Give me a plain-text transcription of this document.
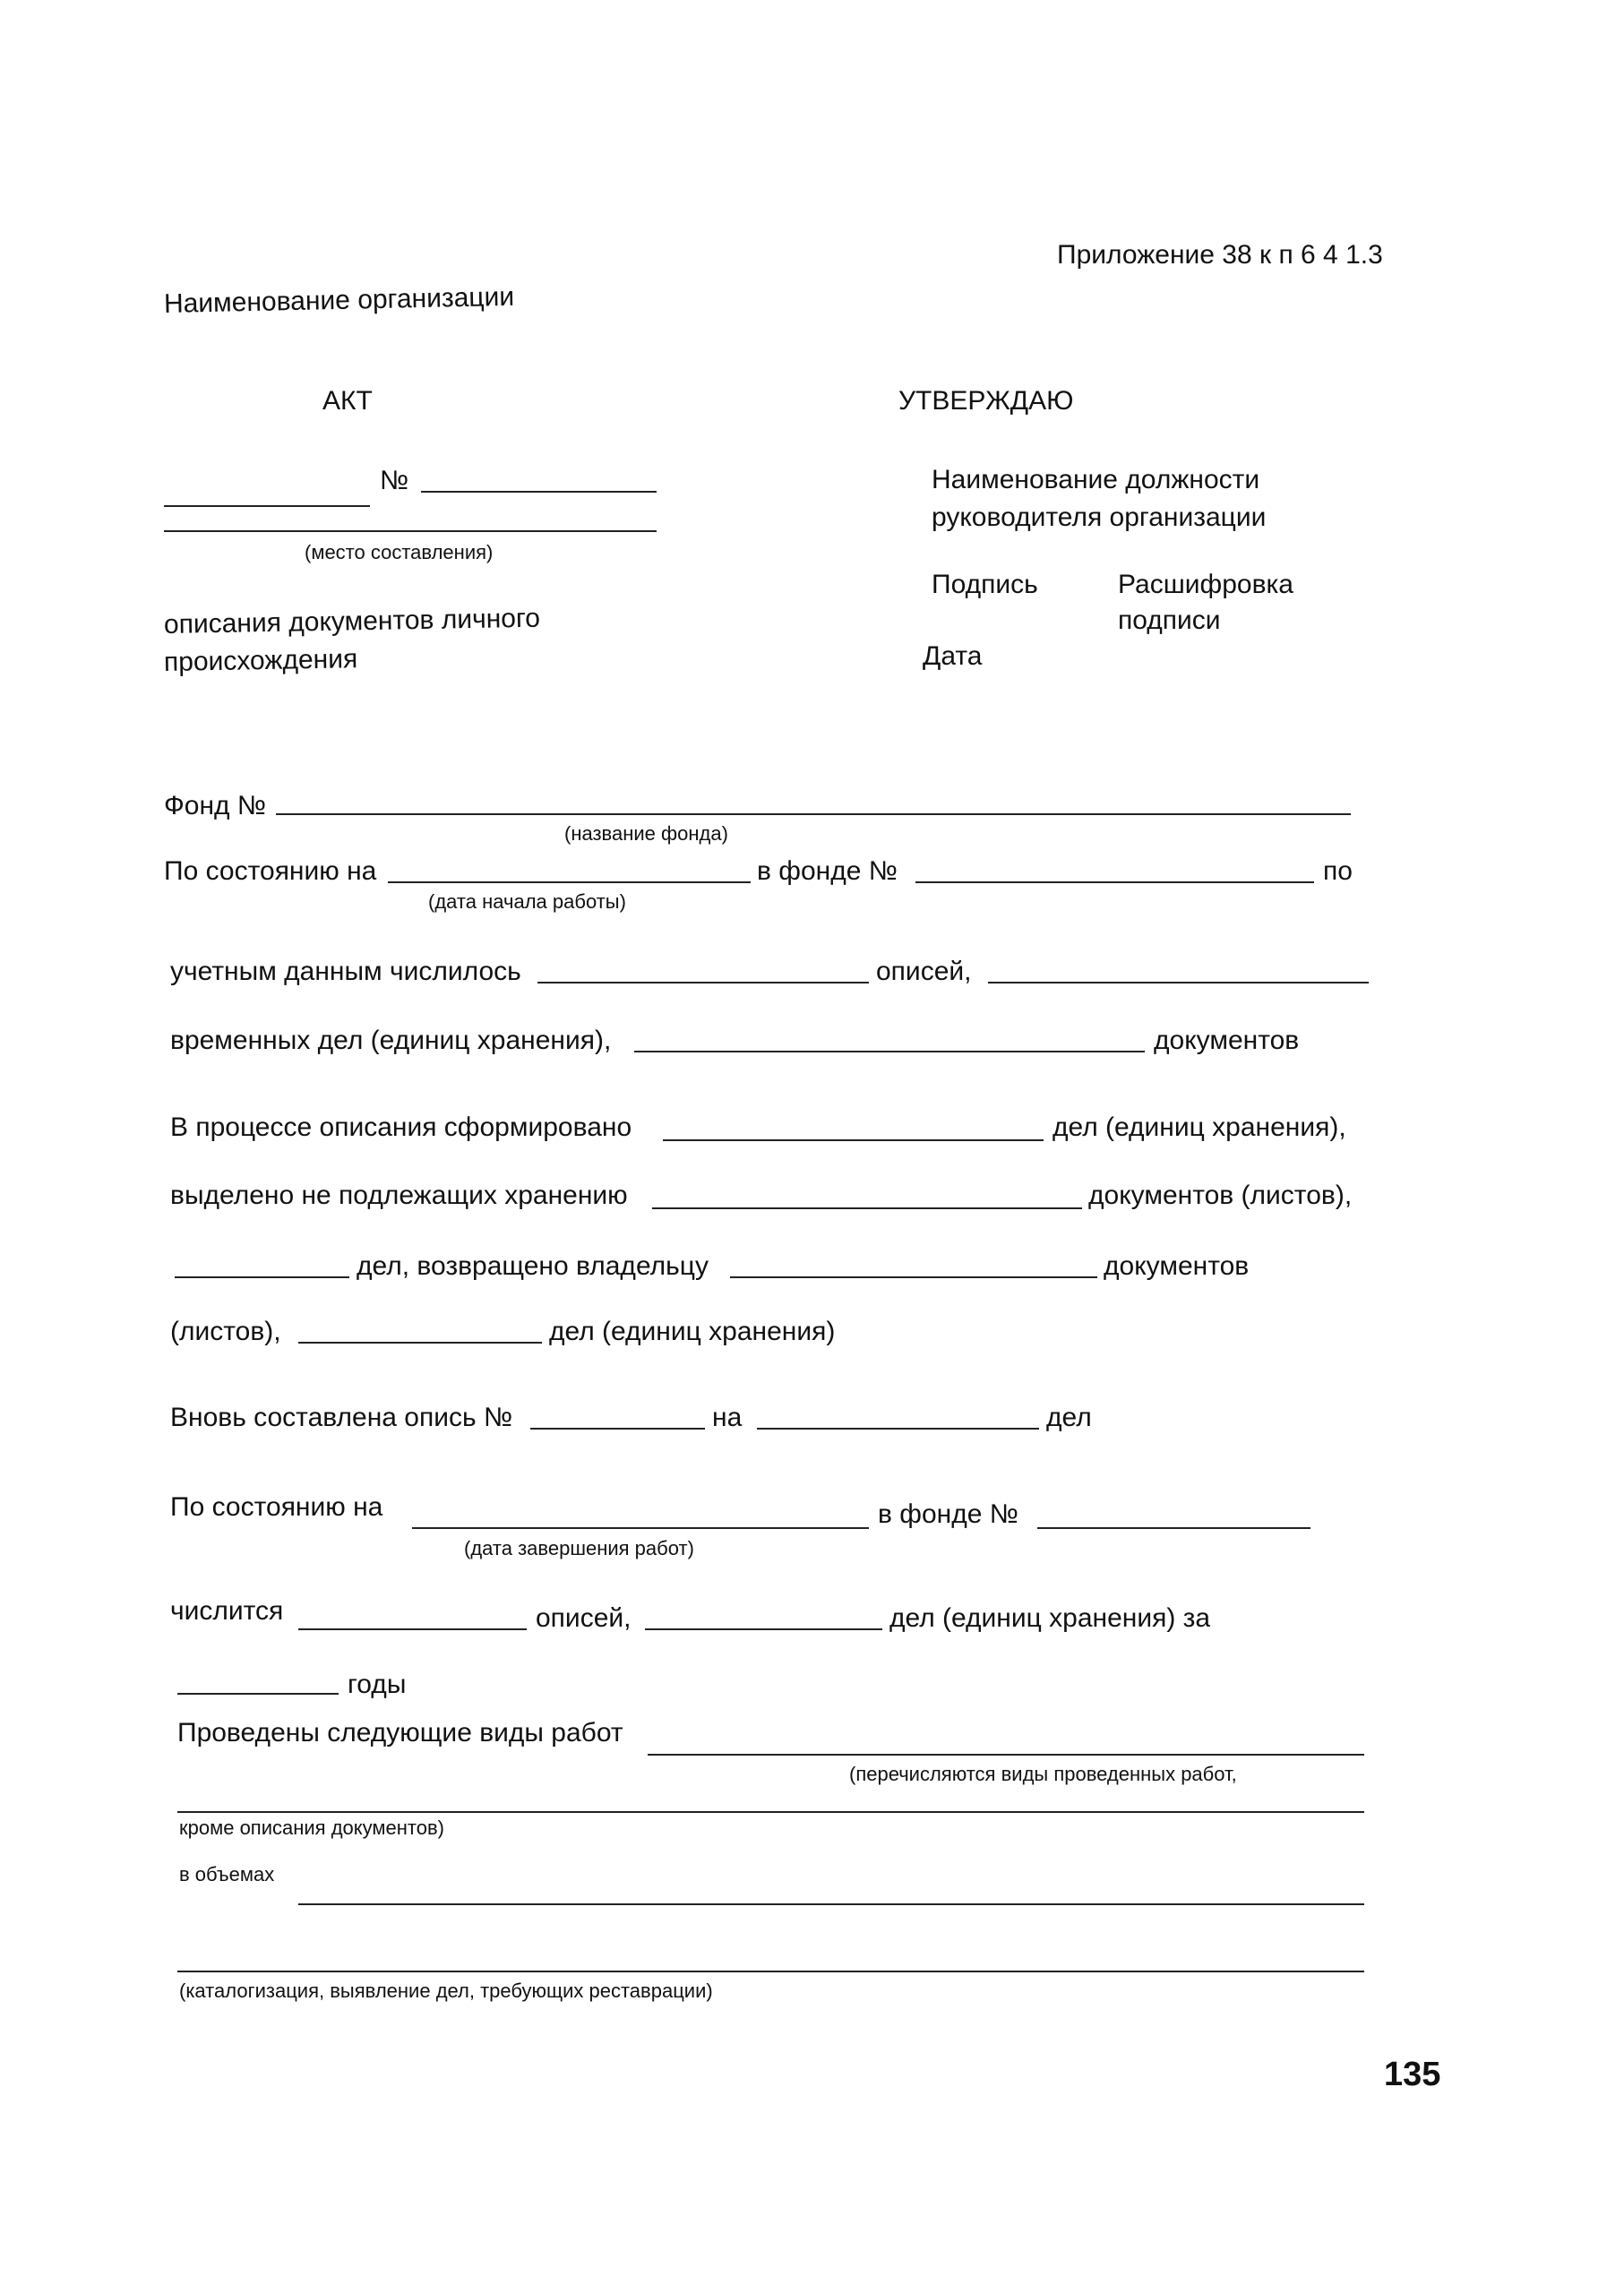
Приложение 38 к п 6 4 1.3
Наименование организации
АКТ	УТВЕРЖДАЮ
№
(место составления)
Наименование должности
руководителя организации
Подпись	Расшифровка
подписи
Дата
описания документов личного
происхождения
Фонд №
(название фонда)
По состоянию на	в фонде №	по
(дата начала работы)
учетным данным числилось	описей,
временных дел (единиц хранения),	документов
В процессе описания сформировано	дел (единиц хранения),
выделено не подлежащих хранению	документов (листов),
дел, возвращено владельцу	документов
(листов),	дел (единиц хранения)
Вновь составлена опись №	на	дел
По состоянию на	в фонде №
(дата завершения работ)
числится	описей,	дел (единиц хранения) за
годы
Проведены следующие виды работ
(перечисляются виды проведенных работ,
кроме описания документов)
в объемах
(каталогизация, выявление дел, требующих реставрации)
135
